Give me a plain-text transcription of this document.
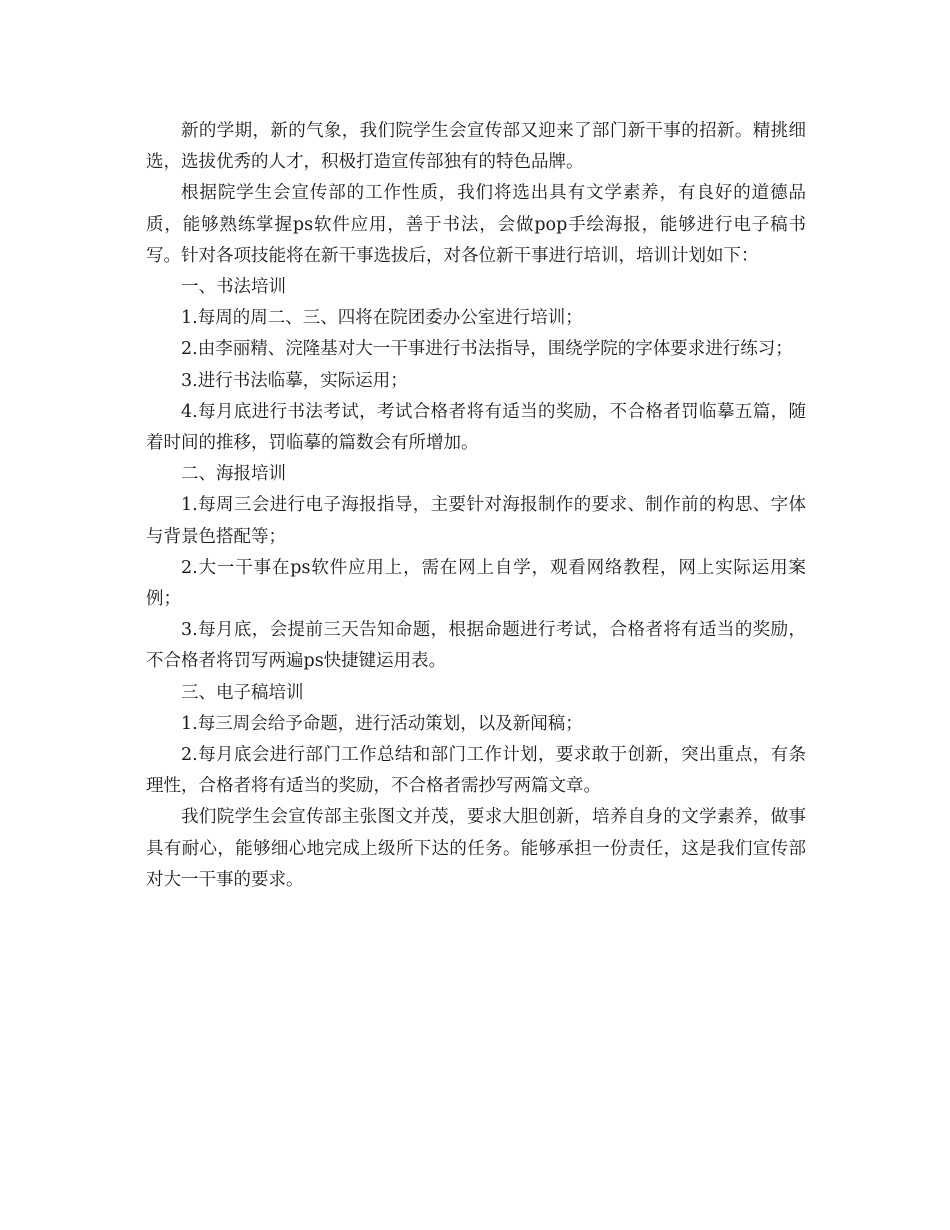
新的学期，新的气象，我们院学生会宣传部又迎来了部门新干事的招新。精挑细选，选拔优秀的人才，积极打造宣传部独有的特色品牌。

根据院学生会宣传部的工作性质，我们将选出具有文学素养，有良好的道德品质，能够熟练掌握ps软件应用，善于书法，会做pop手绘海报，能够进行电子稿书写。针对各项技能将在新干事选拔后，对各位新干事进行培训，培训计划如下：

一、书法培训

1.每周的周二、三、四将在院团委办公室进行培训；

2.由李丽精、浣隆基对大一干事进行书法指导，围绕学院的字体要求进行练习；

3.进行书法临摹，实际运用；

4.每月底进行书法考试，考试合格者将有适当的奖励，不合格者罚临摹五篇，随着时间的推移，罚临摹的篇数会有所增加。

二、海报培训

1.每周三会进行电子海报指导，主要针对海报制作的要求、制作前的构思、字体与背景色搭配等；

2.大一干事在ps软件应用上，需在网上自学，观看网络教程，网上实际运用案例；

3.每月底，会提前三天告知命题，根据命题进行考试，合格者将有适当的奖励，不合格者将罚写两遍ps快捷键运用表。

三、电子稿培训

1.每三周会给予命题，进行活动策划，以及新闻稿；

2.每月底会进行部门工作总结和部门工作计划，要求敢于创新，突出重点，有条理性，合格者将有适当的奖励，不合格者需抄写两篇文章。

我们院学生会宣传部主张图文并茂，要求大胆创新，培养自身的文学素养，做事具有耐心，能够细心地完成上级所下达的任务。能够承担一份责任，这是我们宣传部对大一干事的要求。
